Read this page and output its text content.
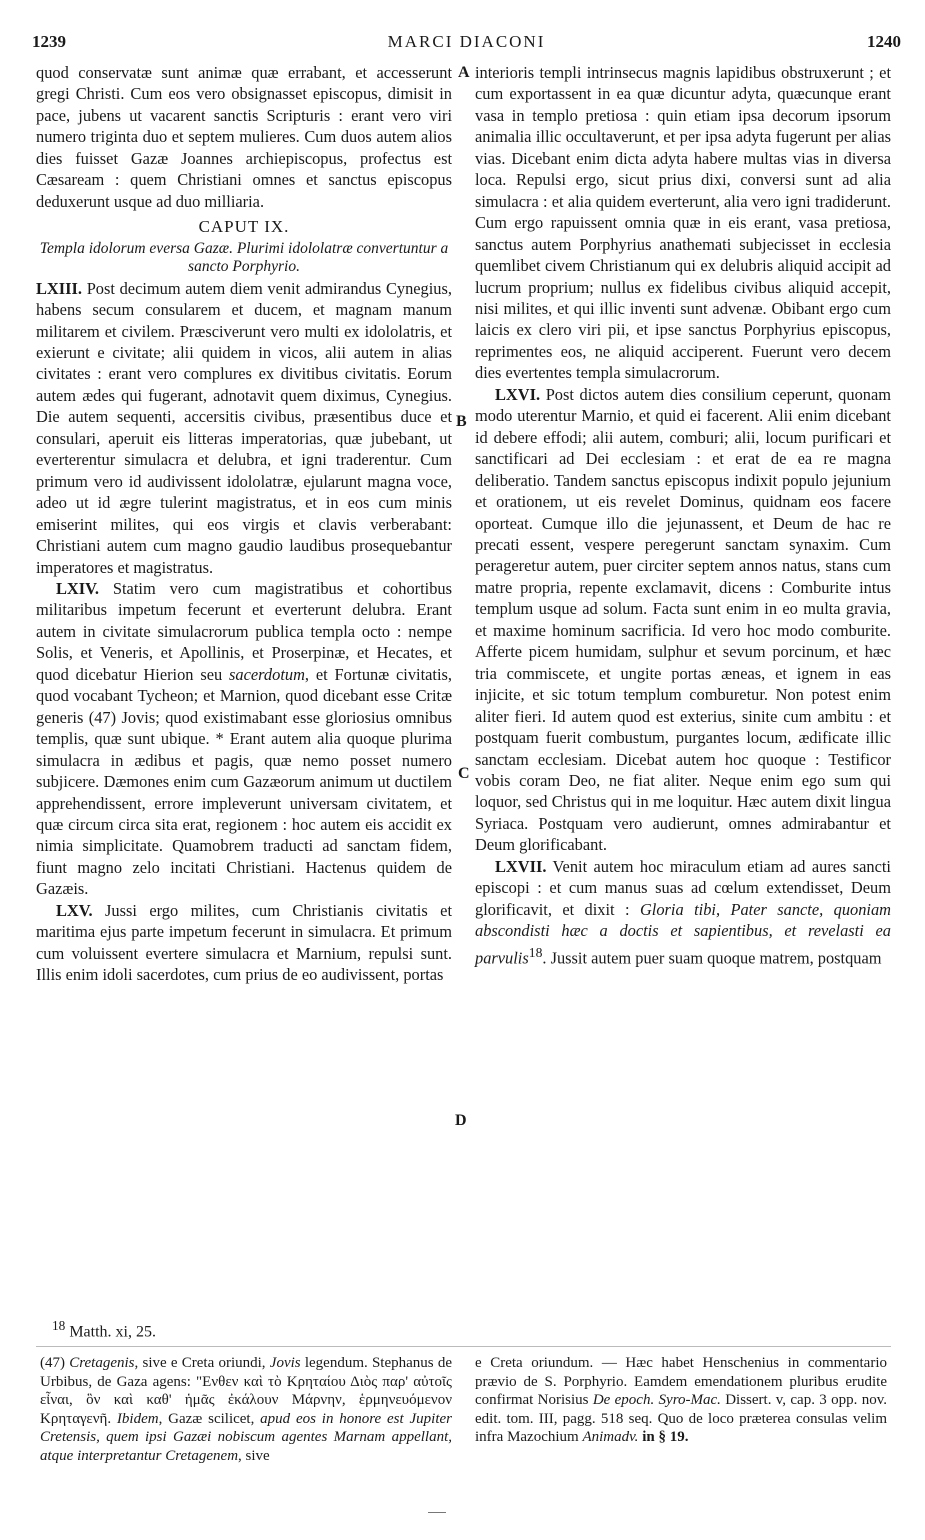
1239	MARCI DIACONI	1240
A
B
C
D

quod conservatæ sunt animæ quæ errabant, et accesserunt gregi Christi. Cum eos vero obsignasset episcopus, dimisit in pace, jubens ut vacarent sanctis Scripturis : erant vero viri numero triginta duo et septem mulieres. Cum duos autem alios dies fuisset Gazæ Joannes archiepiscopus, profectus est Cæsaream : quem Christiani omnes et sanctus episcopus deduxerunt usque ad duo milliaria.

CAPUT IX.
Templa idolorum eversa Gazæ. Plurimi idololatræ convertuntur a sancto Porphyrio.

LXIII. Post decimum autem diem venit admirandus Cynegius, habens secum consularem et ducem, et magnam manum militarem et civilem. Præsciverunt vero multi ex idololatris, et exierunt e civitate; alii quidem in vicos, alii autem in alias civitates : erant vero complures ex divitibus civitatis. Eorum autem ædes qui fugerant, adnotavit quem diximus, Cynegius. Die autem sequenti, accersitis civibus, præsentibus duce et consulari, aperuit eis litteras imperatorias, quæ jubebant, ut everterentur simulacra et delubra, et igni traderentur. Cum primum vero id audivissent idololatræ, ejularunt magna voce, adeo ut id ægre tulerint magistratus, et in eos cum minis emiserint milites, qui eos virgis et clavis verberabant: Christiani autem cum magno gaudio laudibus prosequebantur imperatores et magistratus.

LXIV. Statim vero cum magistratibus et cohortibus militaribus impetum fecerunt et everterunt delubra. Erant autem in civitate simulacrorum publica templa octo : nempe Solis, et Veneris, et Apollinis, et Proserpinæ, et Hecates, et quod dicebatur Hierion seu sacerdotum, et Fortunæ civitatis, quod vocabant Tycheon; et Marnion, quod dicebant esse Critæ generis (47) Jovis; quod existimabant esse gloriosius omnibus templis, quæ sunt ubique. * Erant autem alia quoque plurima simulacra in ædibus et pagis, quæ nemo posset numero subjicere. Dæmones enim cum Gazæorum animum ut ductilem apprehendissent, errore impleverunt universam civitatem, et quæ circum circa sita erat, regionem : hoc autem eis accidit ex nimia simplicitate. Quamobrem traducti ad sanctam fidem, fiunt magno zelo incitati Christiani. Hactenus quidem de Gazæis.

LXV. Jussi ergo milites, cum Christianis civitatis et maritima ejus parte impetum fecerunt in simulacra. Et primum cum voluissent evertere simulacra et Marnium, repulsi sunt. Illis enim idoli sacerdotes, cum prius de eo audivissent, portas

interioris templi intrinsecus magnis lapidibus obstruxerunt ; et cum exportassent in ea quæ dicuntur adyta, quæcunque erant vasa in templo pretiosa : quin etiam ipsa decorum ipsorum animalia illic occultaverunt, et per ipsa adyta fugerunt per alias vias. Dicebant enim dicta adyta habere multas vias in diversa loca. Repulsi ergo, sicut prius dixi, conversi sunt ad alia simulacra : et alia quidem everterunt, alia vero igni tradiderunt. Cum ergo rapuissent omnia quæ in eis erant, vasa pretiosa, sanctus autem Porphyrius anathemati subjecisset in ecclesia quemlibet civem Christianum qui ex delubris aliquid accipit ad lucrum proprium; nullus ex fidelibus civibus aliquid accepit, nisi milites, et qui illic inventi sunt advenæ. Obibant ergo cum laicis ex clero viri pii, et ipse sanctus Porphyrius episcopus, reprimentes eos, ne aliquid acciperent. Fuerunt vero decem dies evertentes templa simulacrorum.

LXVI. Post dictos autem dies consilium ceperunt, quonam modo uterentur Marnio, et quid ei facerent. Alii enim dicebant id debere effodi; alii autem, comburi; alii, locum purificari et sanctificari ad Dei ecclesiam : et erat de ea re magna deliberatio. Tandem sanctus episcopus indixit populo jejunium et orationem, ut eis revelet Dominus, quidnam eos facere oporteat. Cumque illo die jejunassent, et Deum de hac re precati essent, vespere peregerunt sanctam synaxim. Cum perageretur autem, puer circiter septem annos natus, stans cum matre propria, repente exclamavit, dicens : Comburite intus templum usque ad solum. Facta sunt enim in eo multa gravia, et maxime hominum sacrificia. Id vero hoc modo comburite. Afferte picem humidam, sulphur et sevum porcinum, et hæc tria commiscete, et ungite portas æneas, et ignem in eas injicite, et sic totum templum comburetur. Non potest enim aliter fieri. Id autem quod est exterius, sinite cum ambitu : et postquam fuerit combustum, purgantes locum, ædificate illic sanctam ecclesiam. Dicebat autem hoc quoque : Testificor vobis coram Deo, ne fiat aliter. Neque enim ego sum qui loquor, sed Christus qui in me loquitur. Hæc autem dixit lingua Syriaca. Postquam vero audierunt, omnes admirabantur et Deum glorificabant.

LXVII. Venit autem hoc miraculum etiam ad aures sancti episcopi : et cum manus suas ad cœlum extendisset, Deum glorificavit, et dixit : Gloria tibi, Pater sancte, quoniam abscondisti hæc a doctis et sapientibus, et revelasti ea parvulis$^{18}$. Jussit autem puer suam quoque matrem, postquam

$^{18}$ Matth. xi, 25.

(47) Cretagenis, sive e Creta oriundi, Jovis legendum. Stephanus de Urbibus, de Gaza agens: "Ενθεν καὶ τὸ Κρηταίου Διὸς παρ' αὐτοῖς εἶναι, ὃν καὶ καθ' ἡμᾶς ἐκάλουν Μάρνην, ἑρμηνευόμενον Κρηταγενῆ. Ibidem, Gazæ scilicet, apud eos in honore est Jupiter Cretensis, quem ipsi Gazæi nobiscum agentes Marnam appellant, atque interpretantur Cretagenem, sive

e Creta oriundum. — Hæc habet Henschenius in commentario prævio de S. Porphyrio. Eamdem emendationem pluribus erudite confirmat Norisius De epoch. Syro-Mac. Dissert. v, cap. 3 opp. nov. edit. tom. III, pagg. 518 seq. Quo de loco prætereа consulas velim infra Mazochium Animadv. in § 19.
